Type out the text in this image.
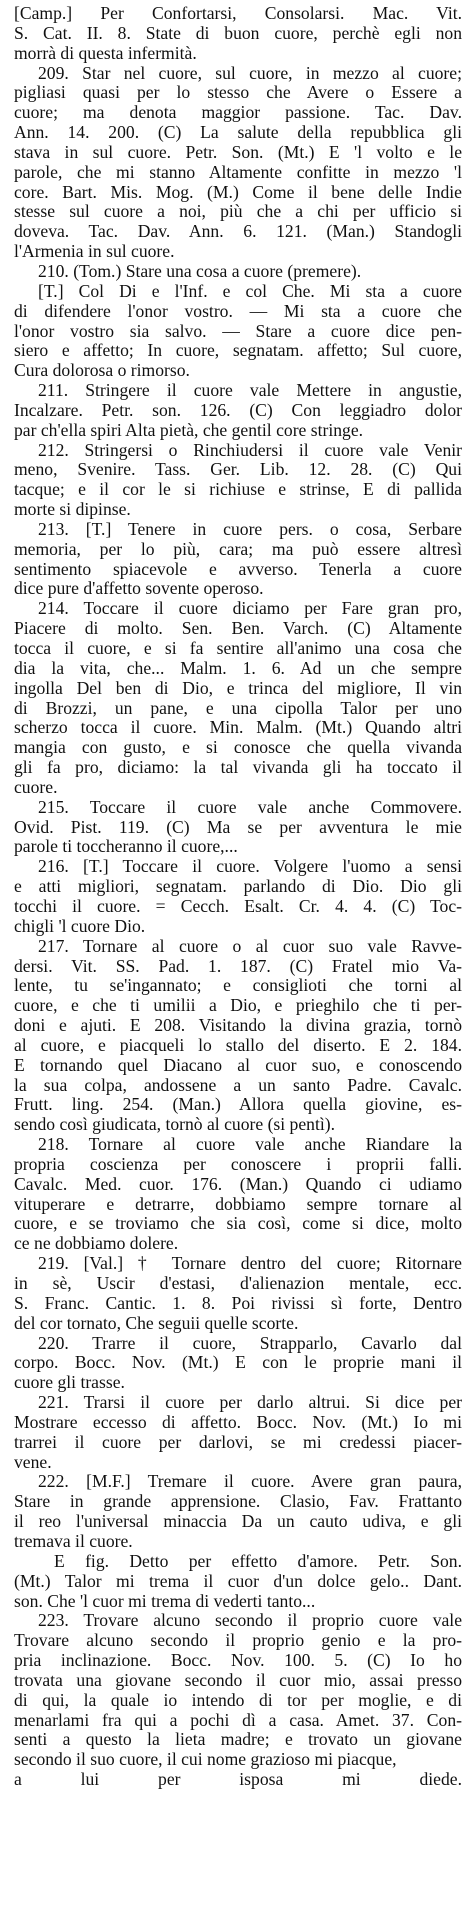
[Camp.] Per Confortarsi, Consolarsi. Mac. Vit.
S. Cat. II. 8. State di buon cuore, perchè egli non
morrà di questa infermità.
209. Star nel cuore, sul cuore, in mezzo al cuore;
pigliasi quasi per lo stesso che Avere o Essere a
cuore; ma denota maggior passione. Tac. Dav.
Ann. 14. 200. (C) La salute della repubblica gli
stava in sul cuore. Petr. Son. (Mt.) E 'l volto e le
parole, che mi stanno Altamente confitte in mezzo 'l
core. Bart. Mis. Mog. (M.) Come il bene delle Indie
stesse sul cuore a noi, più che a chi per ufficio si
doveva. Tac. Dav. Ann. 6. 121. (Man.) Standogli
l'Armenia in sul cuore.
210. (Tom.) Stare una cosa a cuore (premere).
[T.] Col Di e l'Inf. e col Che. Mi sta a cuore
di difendere l'onor vostro. — Mi sta a cuore che
l'onor vostro sia salvo. — Stare a cuore dice pen-
siero e affetto; In cuore, segnatam. affetto; Sul cuore,
Cura dolorosa o rimorso.
211. Stringere il cuore vale Mettere in angustie,
Incalzare. Petr. son. 126. (C) Con leggiadro dolor
par ch'ella spiri Alta pietà, che gentil core stringe.
212. Stringersi o Rinchiudersi il cuore vale Venir
meno, Svenire. Tass. Ger. Lib. 12. 28. (C) Qui
tacque; e il cor le si richiuse e strinse, E di pallida
morte si dipinse.
213. [T.] Tenere in cuore pers. o cosa, Serbare
memoria, per lo più, cara; ma può essere altresì
sentimento spiacevole e avverso. Tenerla a cuore
dice pure d'affetto sovente operoso.
214. Toccare il cuore diciamo per Fare gran pro,
Piacere di molto. Sen. Ben. Varch. (C) Altamente
tocca il cuore, e si fa sentire all'animo una cosa che
dia la vita, che... Malm. 1. 6. Ad un che sempre
ingolla Del ben di Dio, e trinca del migliore, Il vin
di Brozzi, un pane, e una cipolla Talor per uno
scherzo tocca il cuore. Min. Malm. (Mt.) Quando altri
mangia con gusto, e si conosce che quella vivanda
gli fa pro, diciamo: la tal vivanda gli ha toccato il
cuore.
215. Toccare il cuore vale anche Commovere.
Ovid. Pist. 119. (C) Ma se per avventura le mie
parole ti toccheranno il cuore,...
216. [T.] Toccare il cuore. Volgere l'uomo a sensi
e atti migliori, segnatam. parlando di Dio. Dio gli
tocchi il cuore. = Cecch. Esalt. Cr. 4. 4. (C) Toc-
chigli 'l cuore Dio.
217. Tornare al cuore o al cuor suo vale Ravve-
dersi. Vit. SS. Pad. 1. 187. (C) Fratel mio Va-
lente, tu se'ingannato; e consiglioti che torni al
cuore, e che ti umilii a Dio, e prieghilo che ti per-
doni e ajuti. E 208. Visitando la divina grazia, tornò
al cuore, e piacqueli lo stallo del diserto. E 2. 184.
E tornando quel Diacano al cuor suo, e conoscendo
la sua colpa, andossene a un santo Padre. Cavalc.
Frutt. ling. 254. (Man.) Allora quella giovine, es-
sendo così giudicata, tornò al cuore (si pentì).
218. Tornare al cuore vale anche Riandare la
propria coscienza per conoscere i proprii falli.
Cavalc. Med. cuor. 176. (Man.) Quando ci udiamo
vituperare e detrarre, dobbiamo sempre tornare al
cuore, e se troviamo che sia così, come si dice, molto
ce ne dobbiamo dolere.
219. [Val.] † Tornare dentro del cuore; Ritornare
in sè, Uscir d'estasi, d'alienazion mentale, ecc.
S. Franc. Cantic. 1. 8. Poi rivissi sì forte, Dentro
del cor tornato, Che seguii quelle scorte.
220. Trarre il cuore, Strapparlo, Cavarlo dal
corpo. Bocc. Nov. (Mt.) E con le proprie mani il
cuore gli trasse.
221. Trarsi il cuore per darlo altrui. Si dice per
Mostrare eccesso di affetto. Bocc. Nov. (Mt.) Io mi
trarrei il cuore per darlovi, se mi credessi piacer-
vene.
222. [M.F.] Tremare il cuore. Avere gran paura,
Stare in grande apprensione. Clasio, Fav. Frattanto
il reo l'universal minaccia Da un cauto udiva, e gli
tremava il cuore.
E fig. Detto per effetto d'amore. Petr. Son.
(Mt.) Talor mi trema il cuor d'un dolce gelo.. Dant.
son. Che 'l cuor mi trema di vederti tanto...
223. Trovare alcuno secondo il proprio cuore vale
Trovare alcuno secondo il proprio genio e la pro-
pria inclinazione. Bocc. Nov. 100. 5. (C) Io ho
trovata una giovane secondo il cuor mio, assai presso
di qui, la quale io intendo di tor per moglie, e di
menarlami fra qui a pochi dì a casa. Amet. 37. Con-
senti a questo la lieta madre; e trovato un giovane
secondo il suo cuore, il cui nome grazioso mi piacque,
a lui per isposa mi diede.
